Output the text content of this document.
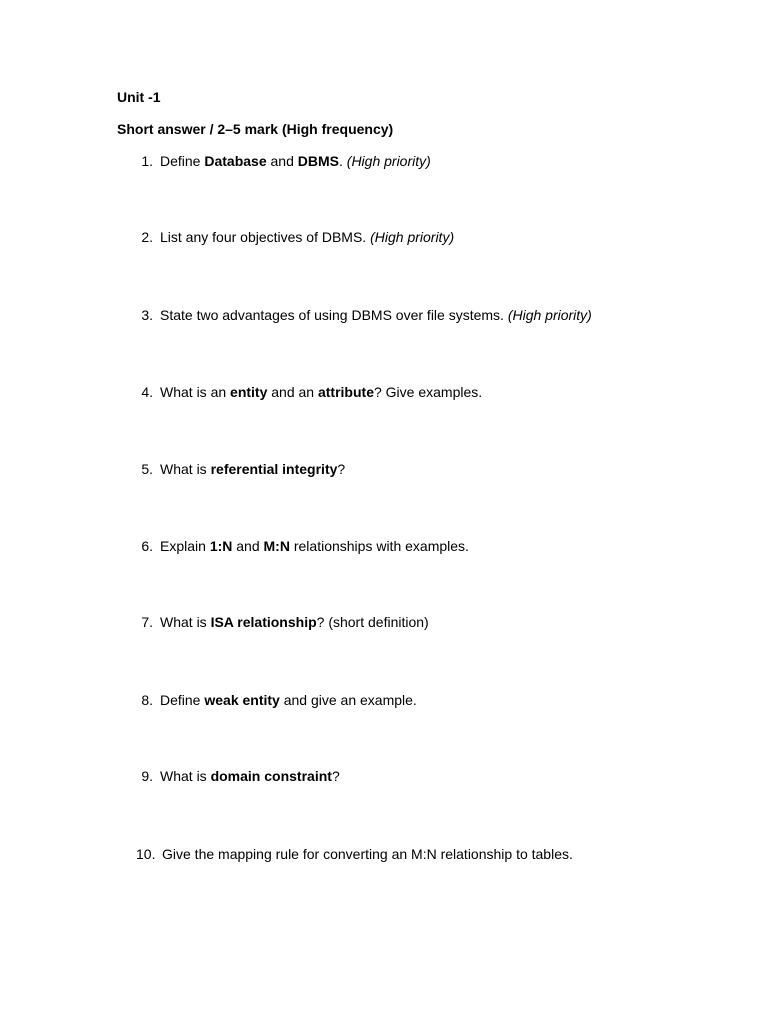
Unit -1
Short answer / 2–5 mark (High frequency)
1. Define Database and DBMS. (High priority)
2. List any four objectives of DBMS. (High priority)
3. State two advantages of using DBMS over file systems. (High priority)
4. What is an entity and an attribute? Give examples.
5. What is referential integrity?
6. Explain 1:N and M:N relationships with examples.
7. What is ISA relationship? (short definition)
8. Define weak entity and give an example.
9. What is domain constraint?
10. Give the mapping rule for converting an M:N relationship to tables.
